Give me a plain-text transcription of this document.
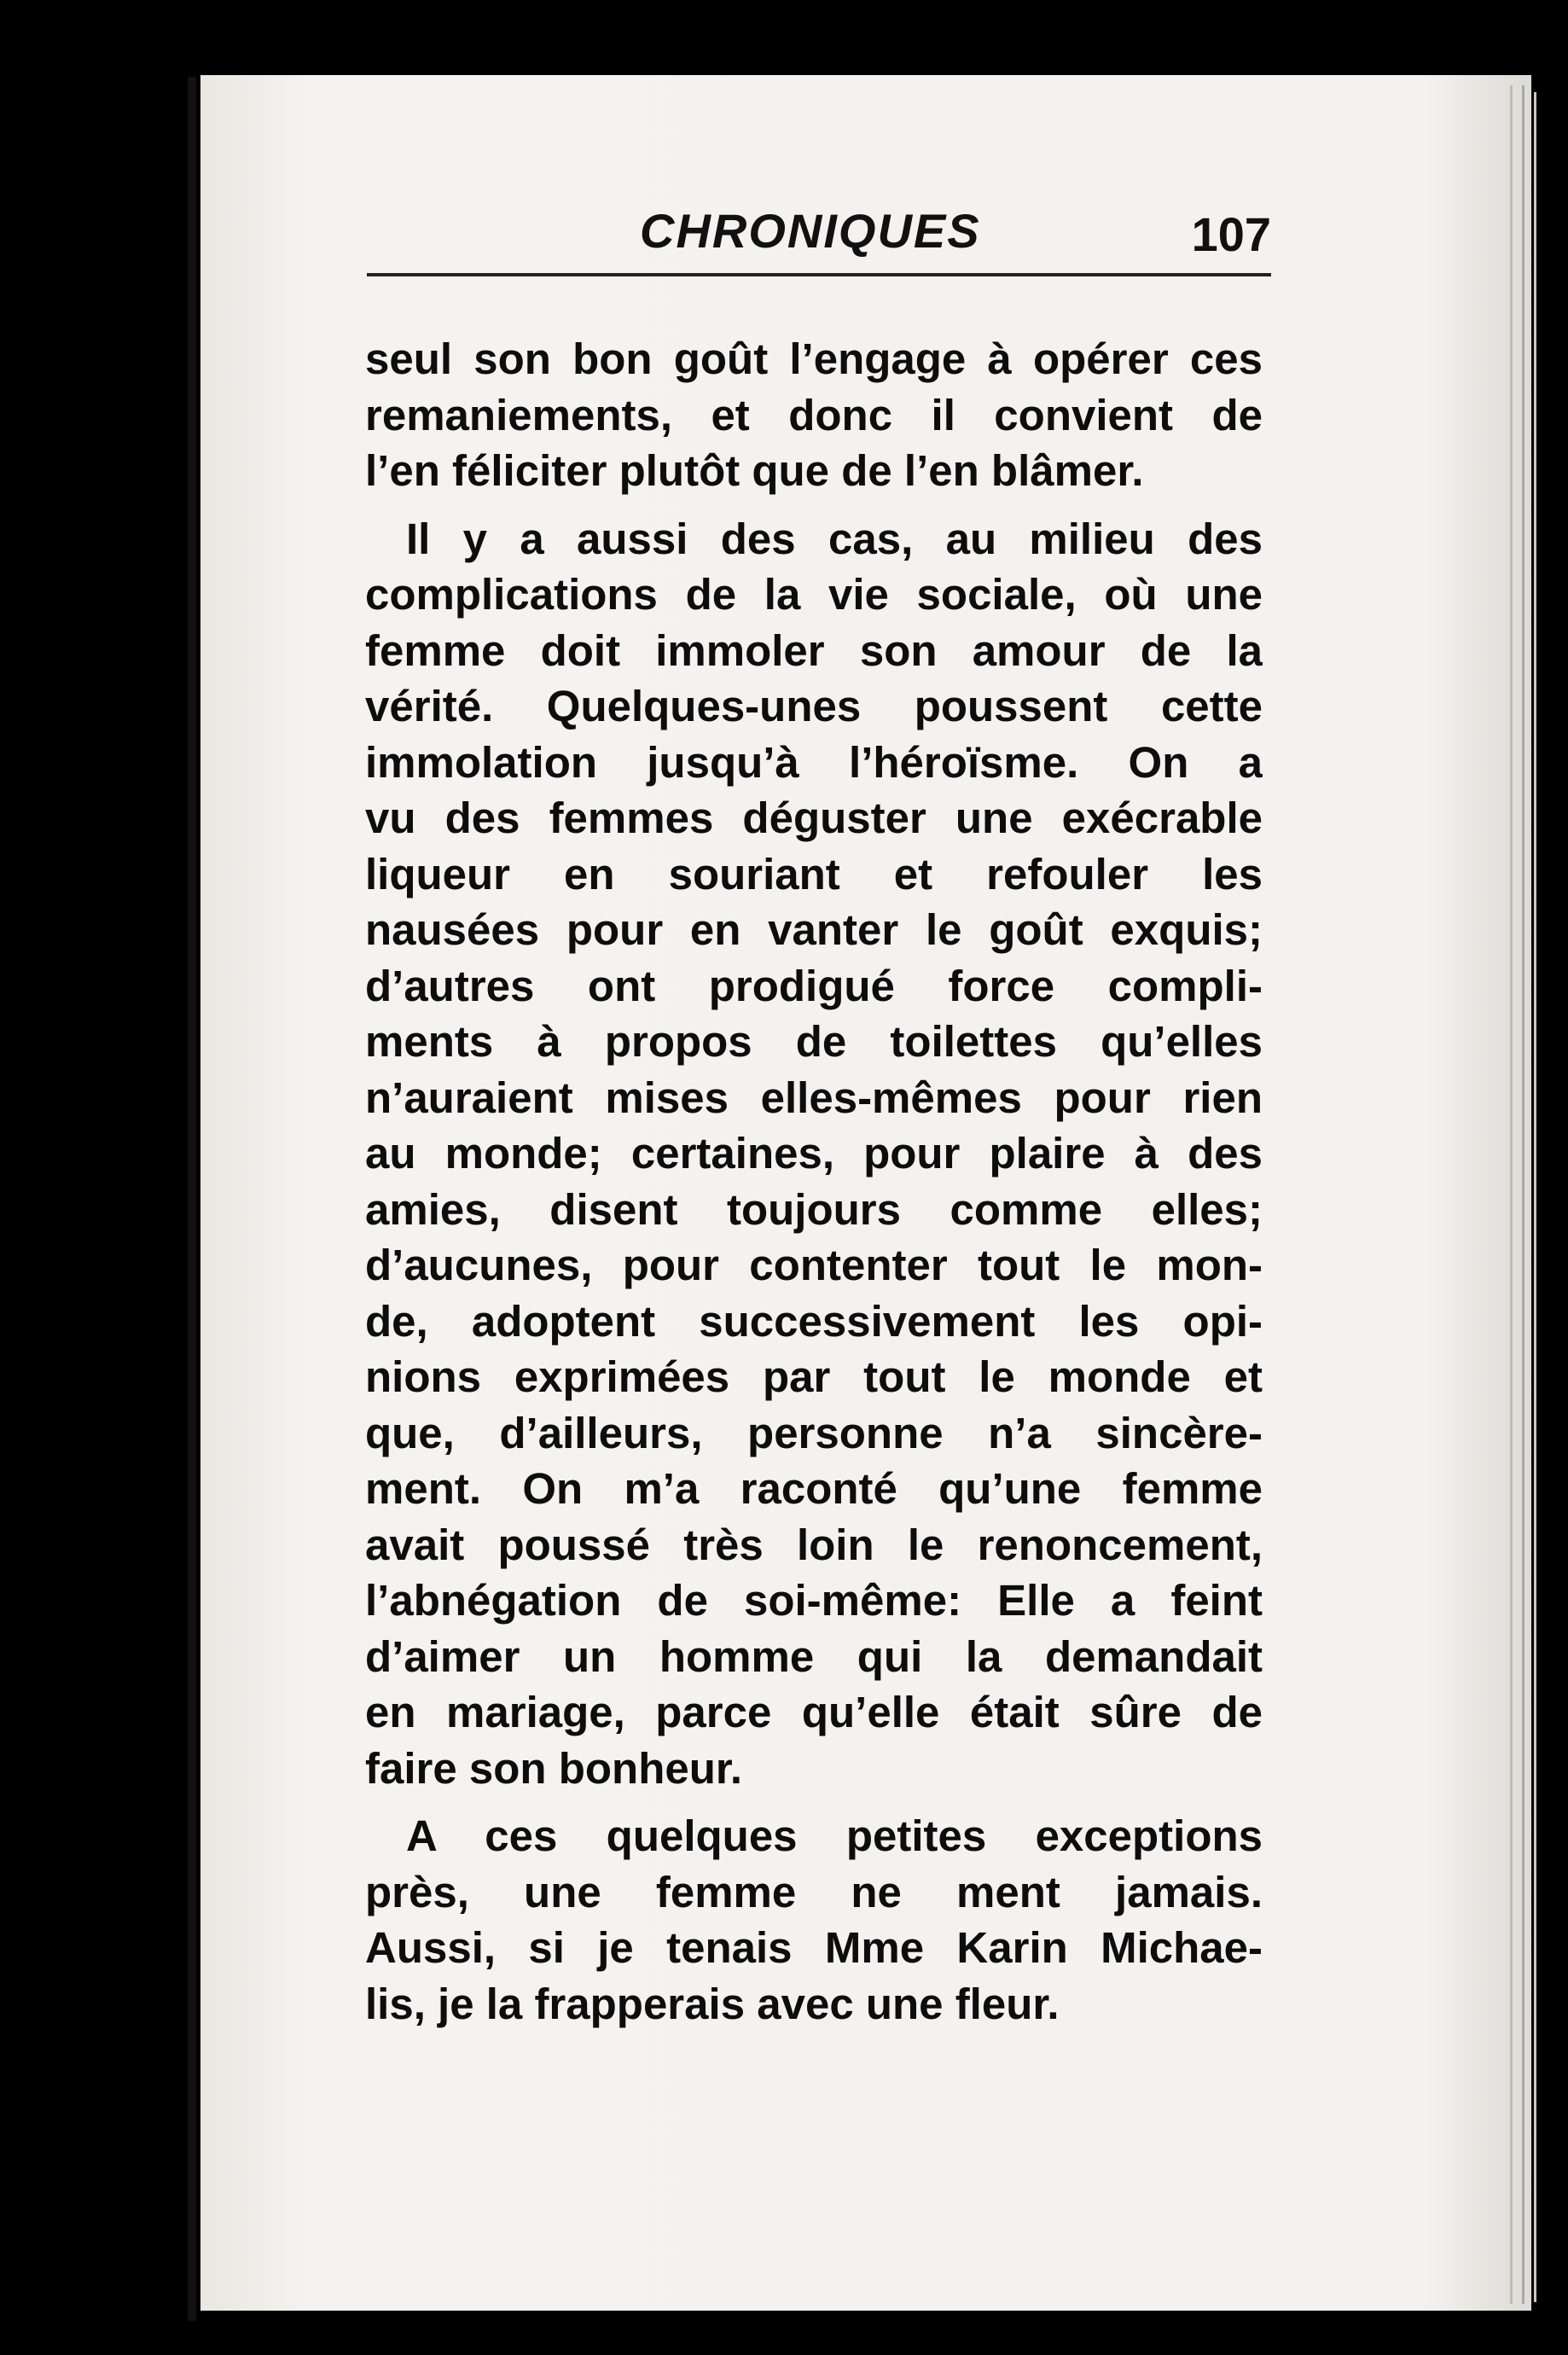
CHRONIQUES	107
seul son bon goût l’engage à opérer ces
remaniements, et donc il convient de
l’en féliciter plutôt que de l’en blâmer.
Il y a aussi des cas, au milieu des
complications de la vie sociale, où une
femme doit immoler son amour de la
vérité. Quelques-unes poussent cette
immolation jusqu’à l’héroïsme. On a
vu des femmes déguster une exécrable
liqueur en souriant et refouler les
nausées pour en vanter le goût exquis;
d’autres ont prodigué force compli-
ments à propos de toilettes qu’elles
n’auraient mises elles-mêmes pour rien
au monde; certaines, pour plaire à des
amies, disent toujours comme elles;
d’aucunes, pour contenter tout le mon-
de, adoptent successivement les opi-
nions exprimées par tout le monde et
que, d’ailleurs, personne n’a sincère-
ment. On m’a raconté qu’une femme
avait poussé très loin le renoncement,
l’abnégation de soi-même: Elle a feint
d’aimer un homme qui la demandait
en mariage, parce qu’elle était sûre de
faire son bonheur.
A ces quelques petites exceptions
près, une femme ne ment jamais.
Aussi, si je tenais Mme Karin Michae-
lis, je la frapperais avec une fleur.
